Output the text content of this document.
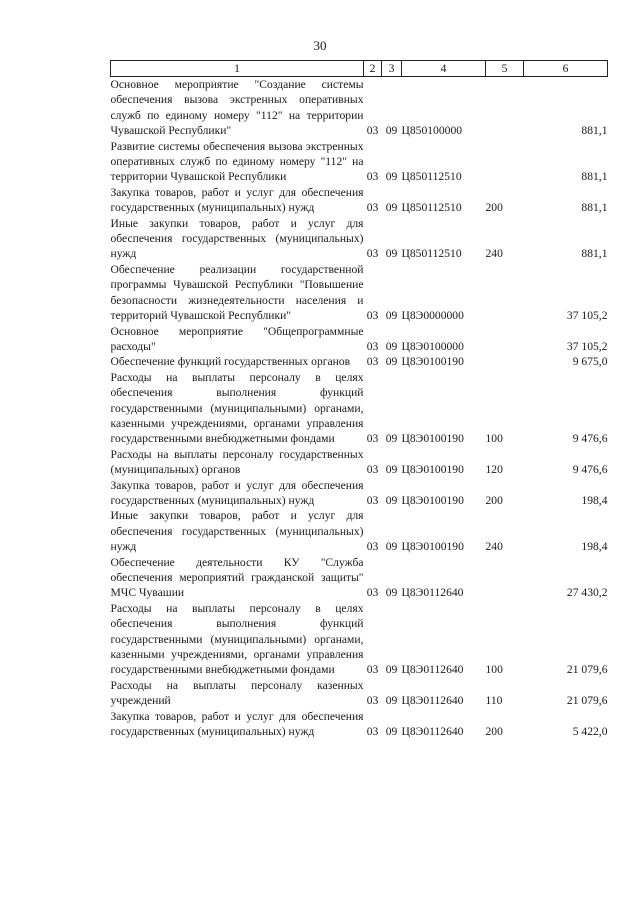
30
1	2	3	4	5	6
Основное мероприятие "Создание системы обеспечения вызова экстренных оперативных служб по единому номеру "112" на территории Чувашской Республики"	03	09	Ц850100000		881,1
Развитие системы обеспечения вызова экстренных оперативных служб по единому номеру "112" на территории Чувашской Республики	03	09	Ц850112510		881,1
Закупка товаров, работ и услуг для обеспечения государственных (муниципальных) нужд	03	09	Ц850112510	200	881,1
Иные закупки товаров, работ и услуг для обеспечения государственных (муниципальных) нужд	03	09	Ц850112510	240	881,1
Обеспечение реализации государственной программы Чувашской Республики "Повышение безопасности жизнедеятельности населения и территорий Чувашской Республики"	03	09	Ц8Э0000000		37 105,2
Основное мероприятие "Общепрограммные расходы"	03	09	Ц8Э0100000		37 105,2
Обеспечение функций государственных органов	03	09	Ц8Э0100190		9 675,0
Расходы на выплаты персоналу в целях обеспечения выполнения функций государственными (муниципальными) органами, казенными учреждениями, органами управления государственными внебюджетными фондами	03	09	Ц8Э0100190	100	9 476,6
Расходы на выплаты персоналу государственных (муниципальных) органов	03	09	Ц8Э0100190	120	9 476,6
Закупка товаров, работ и услуг для обеспечения государственных (муниципальных) нужд	03	09	Ц8Э0100190	200	198,4
Иные закупки товаров, работ и услуг для обеспечения государственных (муниципальных) нужд	03	09	Ц8Э0100190	240	198,4
Обеспечение деятельности КУ "Служба обеспечения мероприятий гражданской защиты" МЧС Чувашии	03	09	Ц8Э0112640		27 430,2
Расходы на выплаты персоналу в целях обеспечения выполнения функций государственными (муниципальными) органами, казенными учреждениями, органами управления государственными внебюджетными фондами	03	09	Ц8Э0112640	100	21 079,6
Расходы на выплаты персоналу казенных учреждений	03	09	Ц8Э0112640	110	21 079,6
Закупка товаров, работ и услуг для обеспечения государственных (муниципальных) нужд	03	09	Ц8Э0112640	200	5 422,0
